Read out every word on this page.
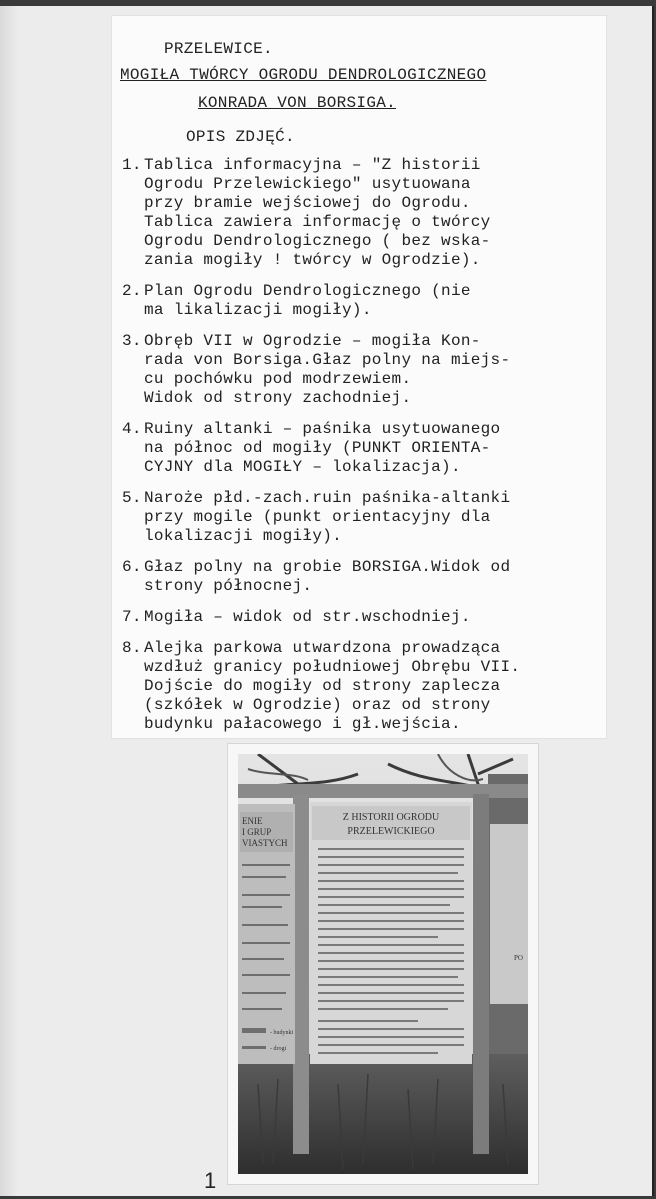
PRZELEWICE.
MOGIŁA TWÓRCY OGRODU DENDROLOGICZNEGO
KONRADA VON BORSIGA.
OPIS ZDJĘĆ.
1. Tablica informacyjna – "Z historii
Ogrodu Przelewickiego" usytuowana
przy bramie wejściowej do Ogrodu.
Tablica zawiera informację o twórcy
Ogrodu Dendrologicznego ( bez wska-
zania mogiły ! twórcy w Ogrodzie).
2. Plan Ogrodu Dendrologicznego (nie
ma likalizacji mogiły).
3. Obręb VII w Ogrodzie – mogiła Kon-
rada von Borsiga.Głaz polny na miejs-
cu pochówku pod modrzewiem.
Widok od strony zachodniej.
4. Ruiny altanki – paśnika usytuowanego
na północ od mogiły (PUNKT ORIENTA-
CYJNY dla MOGIŁY – lokalizacja).
5. Naroże płd.-zach.ruin paśnika-altanki
przy mogile (punkt orientacyjny dla
lokalizacji mogiły).
6. Głaz polny na grobie BORSIGA.Widok od
strony północnej.
7. Mogiła – widok od str.wschodniej.
8. Alejka parkowa utwardzona prowadząca
wzdłuż granicy południowej Obrębu VII.
Dojście do mogiły od strony zaplecza
(szkółek w Ogrodzie) oraz od strony
budynku pałacowego i gł.wejścia.
Z HISTORII OGRODU
PRZELEWICKIEGO
ENIE
I GRUP
VIASTYCH
- budynki
- drogi
PO
1
